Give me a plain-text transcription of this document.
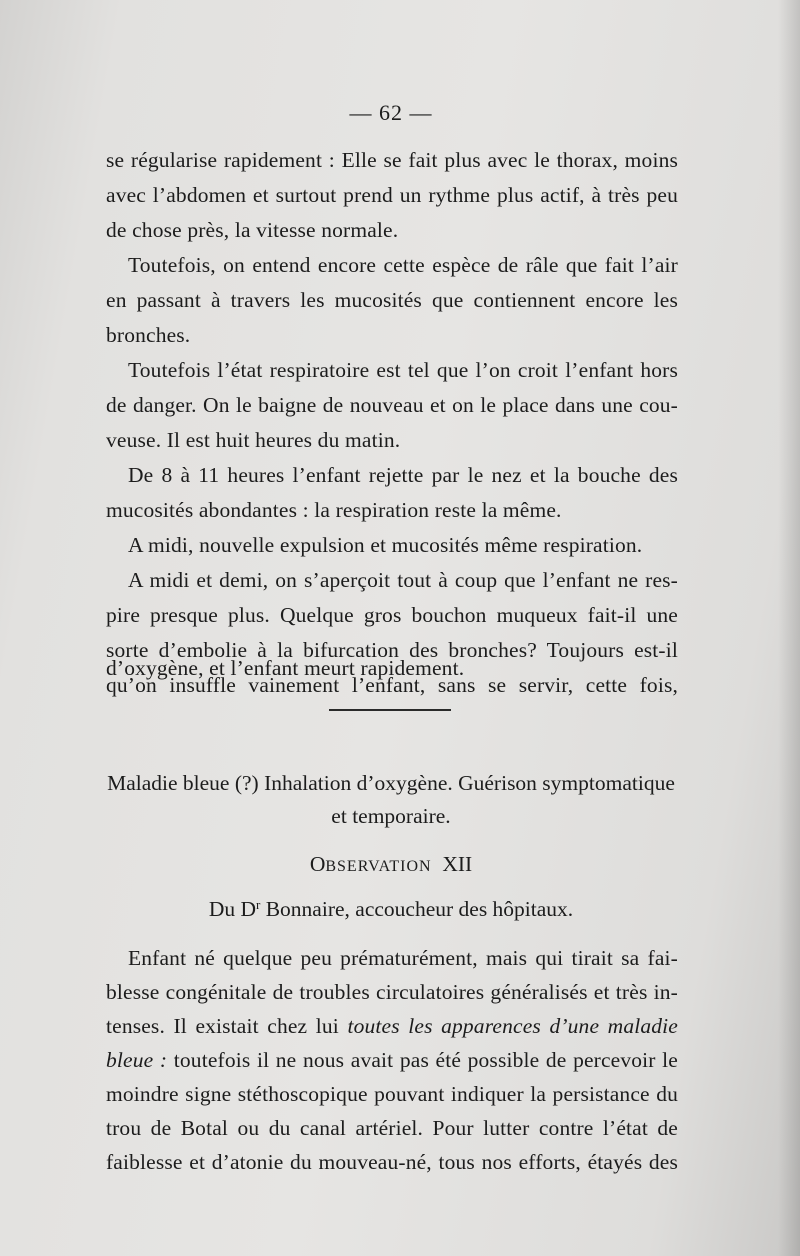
— 62 —
se régularise rapidement : Elle se fait plus avec le thorax, moins
avec l’abdomen et surtout prend un rythme plus actif, à très peu
de chose près, la vitesse normale.
Toutefois, on entend encore cette espèce de râle que fait l’air
en passant à travers les mucosités que contiennent encore les
bronches.
Toutefois l’état respiratoire est tel que l’on croit l’enfant hors
de danger. On le baigne de nouveau et on le place dans une cou-
veuse. Il est huit heures du matin.
De 8 à 11 heures l’enfant rejette par le nez et la bouche des
mucosités abondantes : la respiration reste la même.
A midi, nouvelle expulsion et mucosités même respiration.
A midi et demi, on s’aperçoit tout à coup que l’enfant ne res-
pire presque plus. Quelque gros bouchon muqueux fait-il une
sorte d’embolie à la bifurcation des bronches? Toujours est-il
qu’on insuffle vainement l’enfant, sans se servir, cette fois,
d’oxygène, et l’enfant meurt rapidement.
Maladie bleue (?) Inhalation d’oxygène. Guérison symptomatique
et temporaire.
OBSERVATION XII
Du $D^r$ Bonnaire, accoucheur des hôpitaux.
Enfant né quelque peu prématurément, mais qui tirait sa fai-
blesse congénitale de troubles circulatoires généralisés et très in-
tenses. Il existait chez lui toutes les apparences d’une maladie
bleue : toutefois il ne nous avait pas été possible de percevoir le
moindre signe stéthoscopique pouvant indiquer la persistance du
trou de Botal ou du canal artériel. Pour lutter contre l’état de
faiblesse et d’atonie du mouveau-né, tous nos efforts, étayés des
